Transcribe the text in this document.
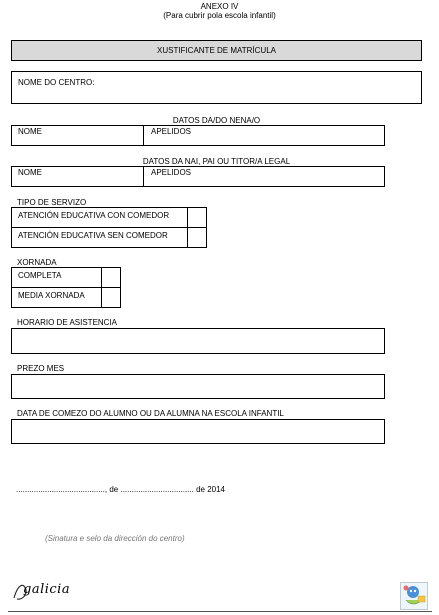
ANEXO IV
(Para cubrir pola escola infantil)
XUSTIFICANTE DE MATRÍCULA
NOME DO CENTRO:
DATOS DA/DO NENA/O
NOME	APELIDOS
DATOS DA NAI, PAI OU TITOR/A LEGAL
NOME	APELIDOS
TIPO DE SERVIZO
ATENCIÓN EDUCATIVA CON COMEDOR
ATENCIÓN EDUCATIVA SEN COMEDOR
XORNADA
COMPLETA
MEDIA XORNADA
HORARIO DE ASISTENCIA
PREZO MES
DATA DE COMEZO DO ALUMNO OU DA ALUMNA NA ESCOLA INFANTIL
........................................, de ................................. de 2014
(Sinatura e selo da dirección do centro)
galicia
